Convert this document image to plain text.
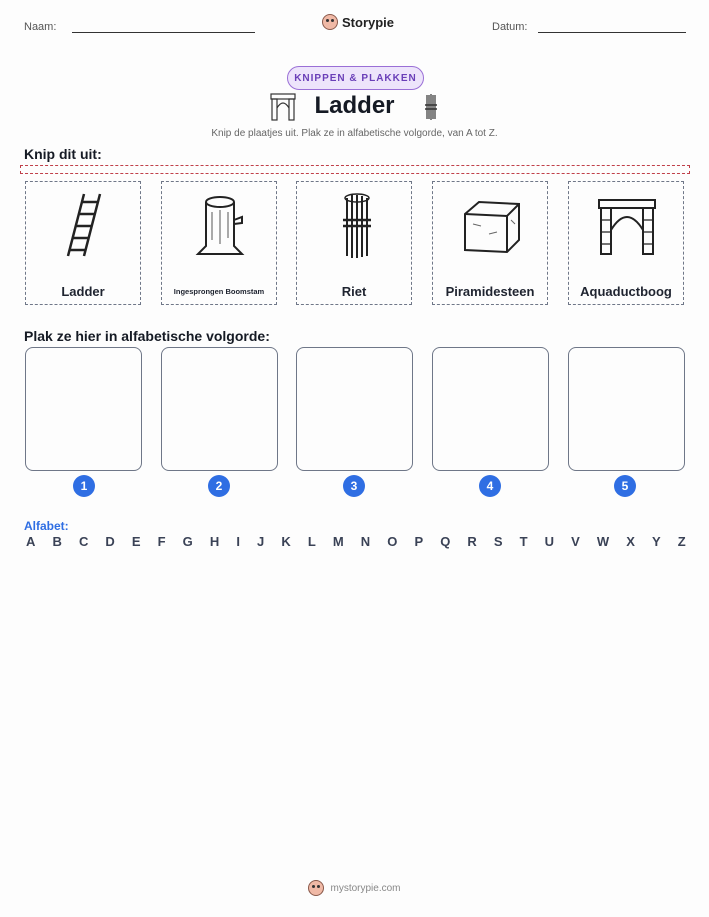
Naam:	Storypie	Datum:
KNIPPEN & PLAKKEN
Ladder
Knip de plaatjes uit. Plak ze in alfabetische volgorde, van A tot Z.
Knip dit uit:
Ladder	Ingesprongen Boomstam	Riet	Piramidesteen	Aquaductboog
Plak ze hier in alfabetische volgorde:
1	2	3	4	5
Alfabet:
A B C D E F G H I J K L M N O P Q R S T U V W X Y Z
mystorypie.com
